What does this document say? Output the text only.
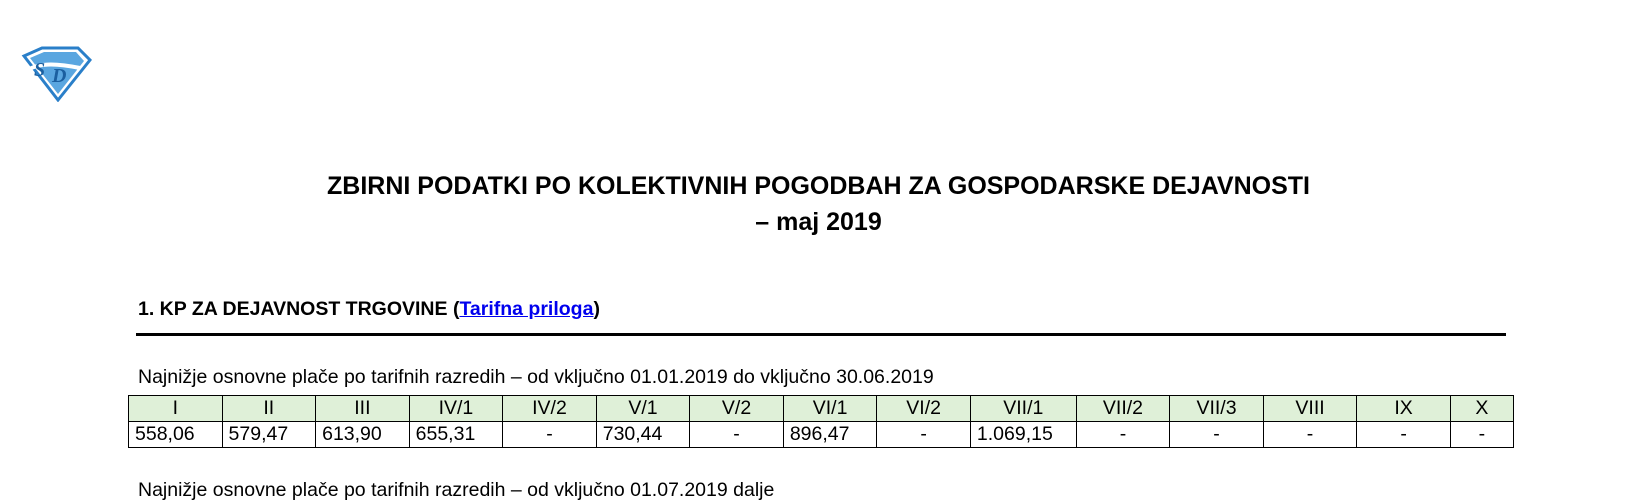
S D
ZBIRNI PODATKI PO KOLEKTIVNIH POGODBAH ZA GOSPODARSKE DEJAVNOSTI
– maj 2019
1. KP ZA DEJAVNOST TRGOVINE (Tarifna priloga)
Najnižje osnovne plače po tarifnih razredih – od vključno 01.01.2019 do vključno 30.06.2019
I	II	III	IV/1	IV/2	V/1	V/2	VI/1	VI/2	VII/1	VII/2	VII/3	VIII	IX	X
558,06	579,47	613,90	655,31	-	730,44	-	896,47	-	1.069,15	-	-	-	-	-
Najnižje osnovne plače po tarifnih razredih – od vključno 01.07.2019 dalje
